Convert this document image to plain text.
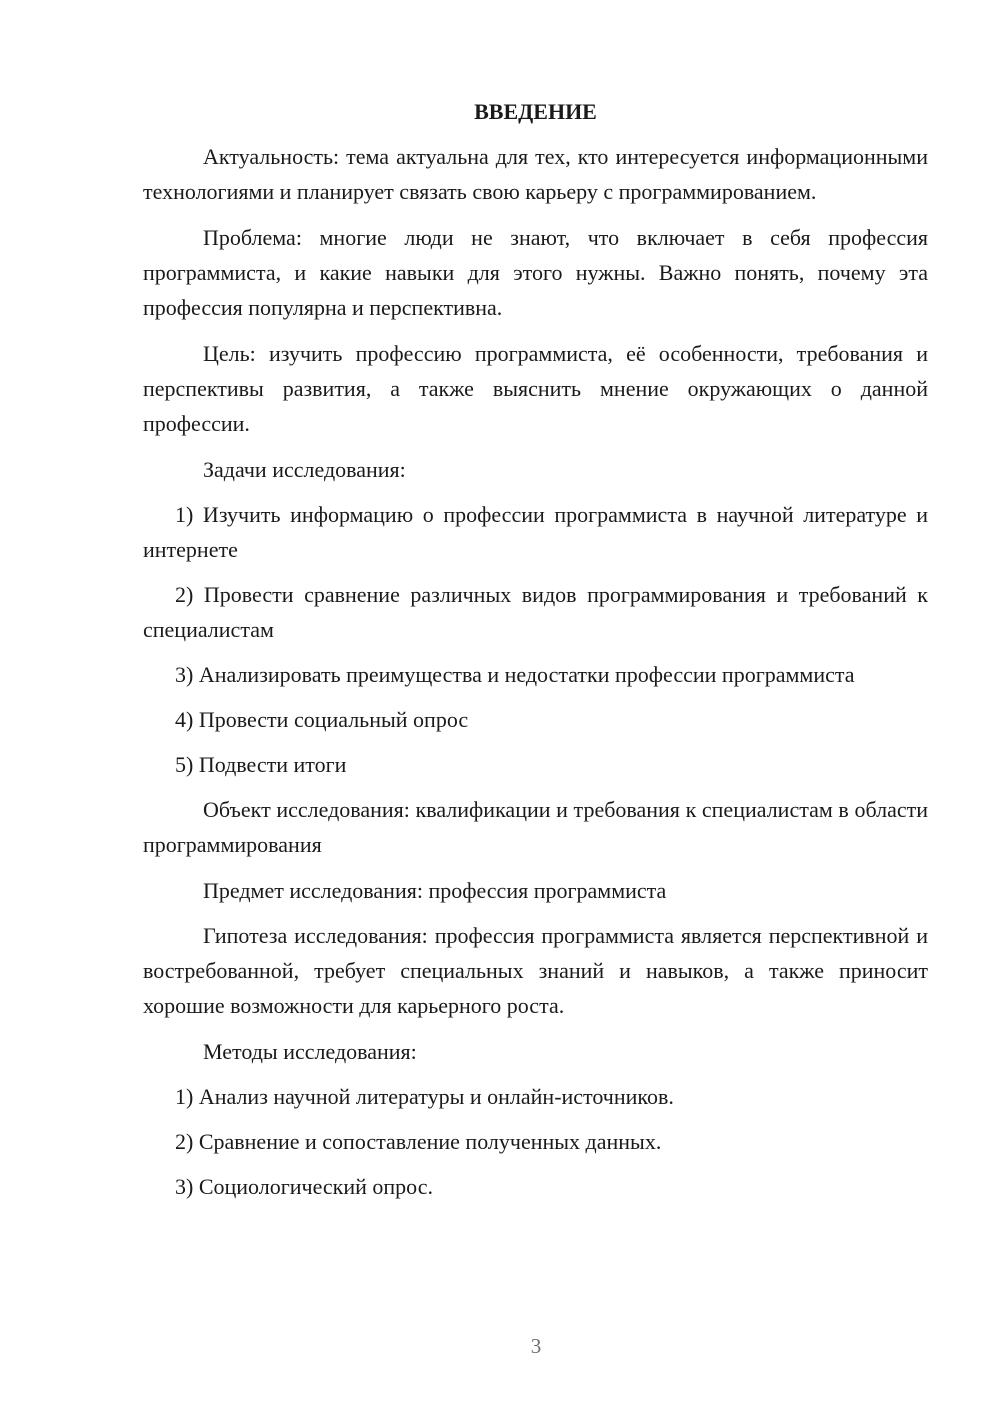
ВВЕДЕНИЕ

Актуальность: тема актуальна для тех, кто интересуется информационными технологиями и планирует связать свою карьеру с программированием.

Проблема: многие люди не знают, что включает в себя профессия программиста, и какие навыки для этого нужны. Важно понять, почему эта профессия популярна и перспективна.

Цель: изучить профессию программиста, её особенности, требования и перспективы развития, а также выяснить мнение окружающих о данной профессии.

Задачи исследования:

1) Изучить информацию о профессии программиста в научной литературе и интернете

2) Провести сравнение различных видов программирования и требований к специалистам

3) Анализировать преимущества и недостатки профессии программиста

4) Провести социальный опрос

5) Подвести итоги

Объект исследования: квалификации и требования к специалистам в области программирования

Предмет исследования: профессия программиста

Гипотеза исследования: профессия программиста является перспективной и востребованной, требует специальных знаний и навыков, а также приносит хорошие возможности для карьерного роста.

Методы исследования:

1) Анализ научной литературы и онлайн-источников.

2) Сравнение и сопоставление полученных данных.

3) Социологический опрос.

3
